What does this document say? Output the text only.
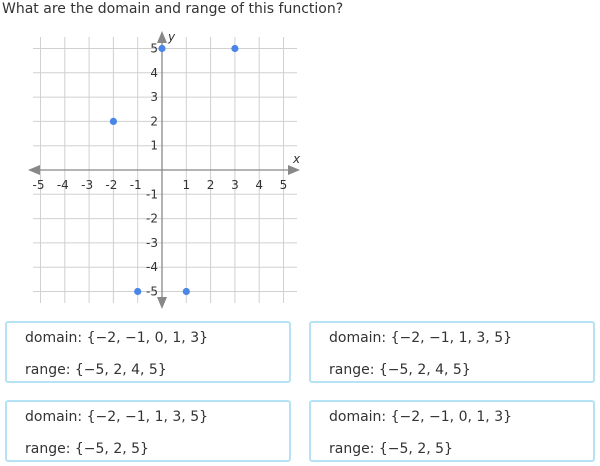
What are the domain and range of this function?
x
y
-5 -4 -3 -2 -1	1 2 3 4 5
5
4
3
2
1
-1
-2
-3
-4
-5
domain: {−2, −1, 0, 1, 3}
range: {−5, 2, 4, 5}
domain: {−2, −1, 1, 3, 5}
range: {−5, 2, 4, 5}
domain: {−2, −1, 1, 3, 5}
range: {−5, 2, 5}
domain: {−2, −1, 0, 1, 3}
range: {−5, 2, 5}
